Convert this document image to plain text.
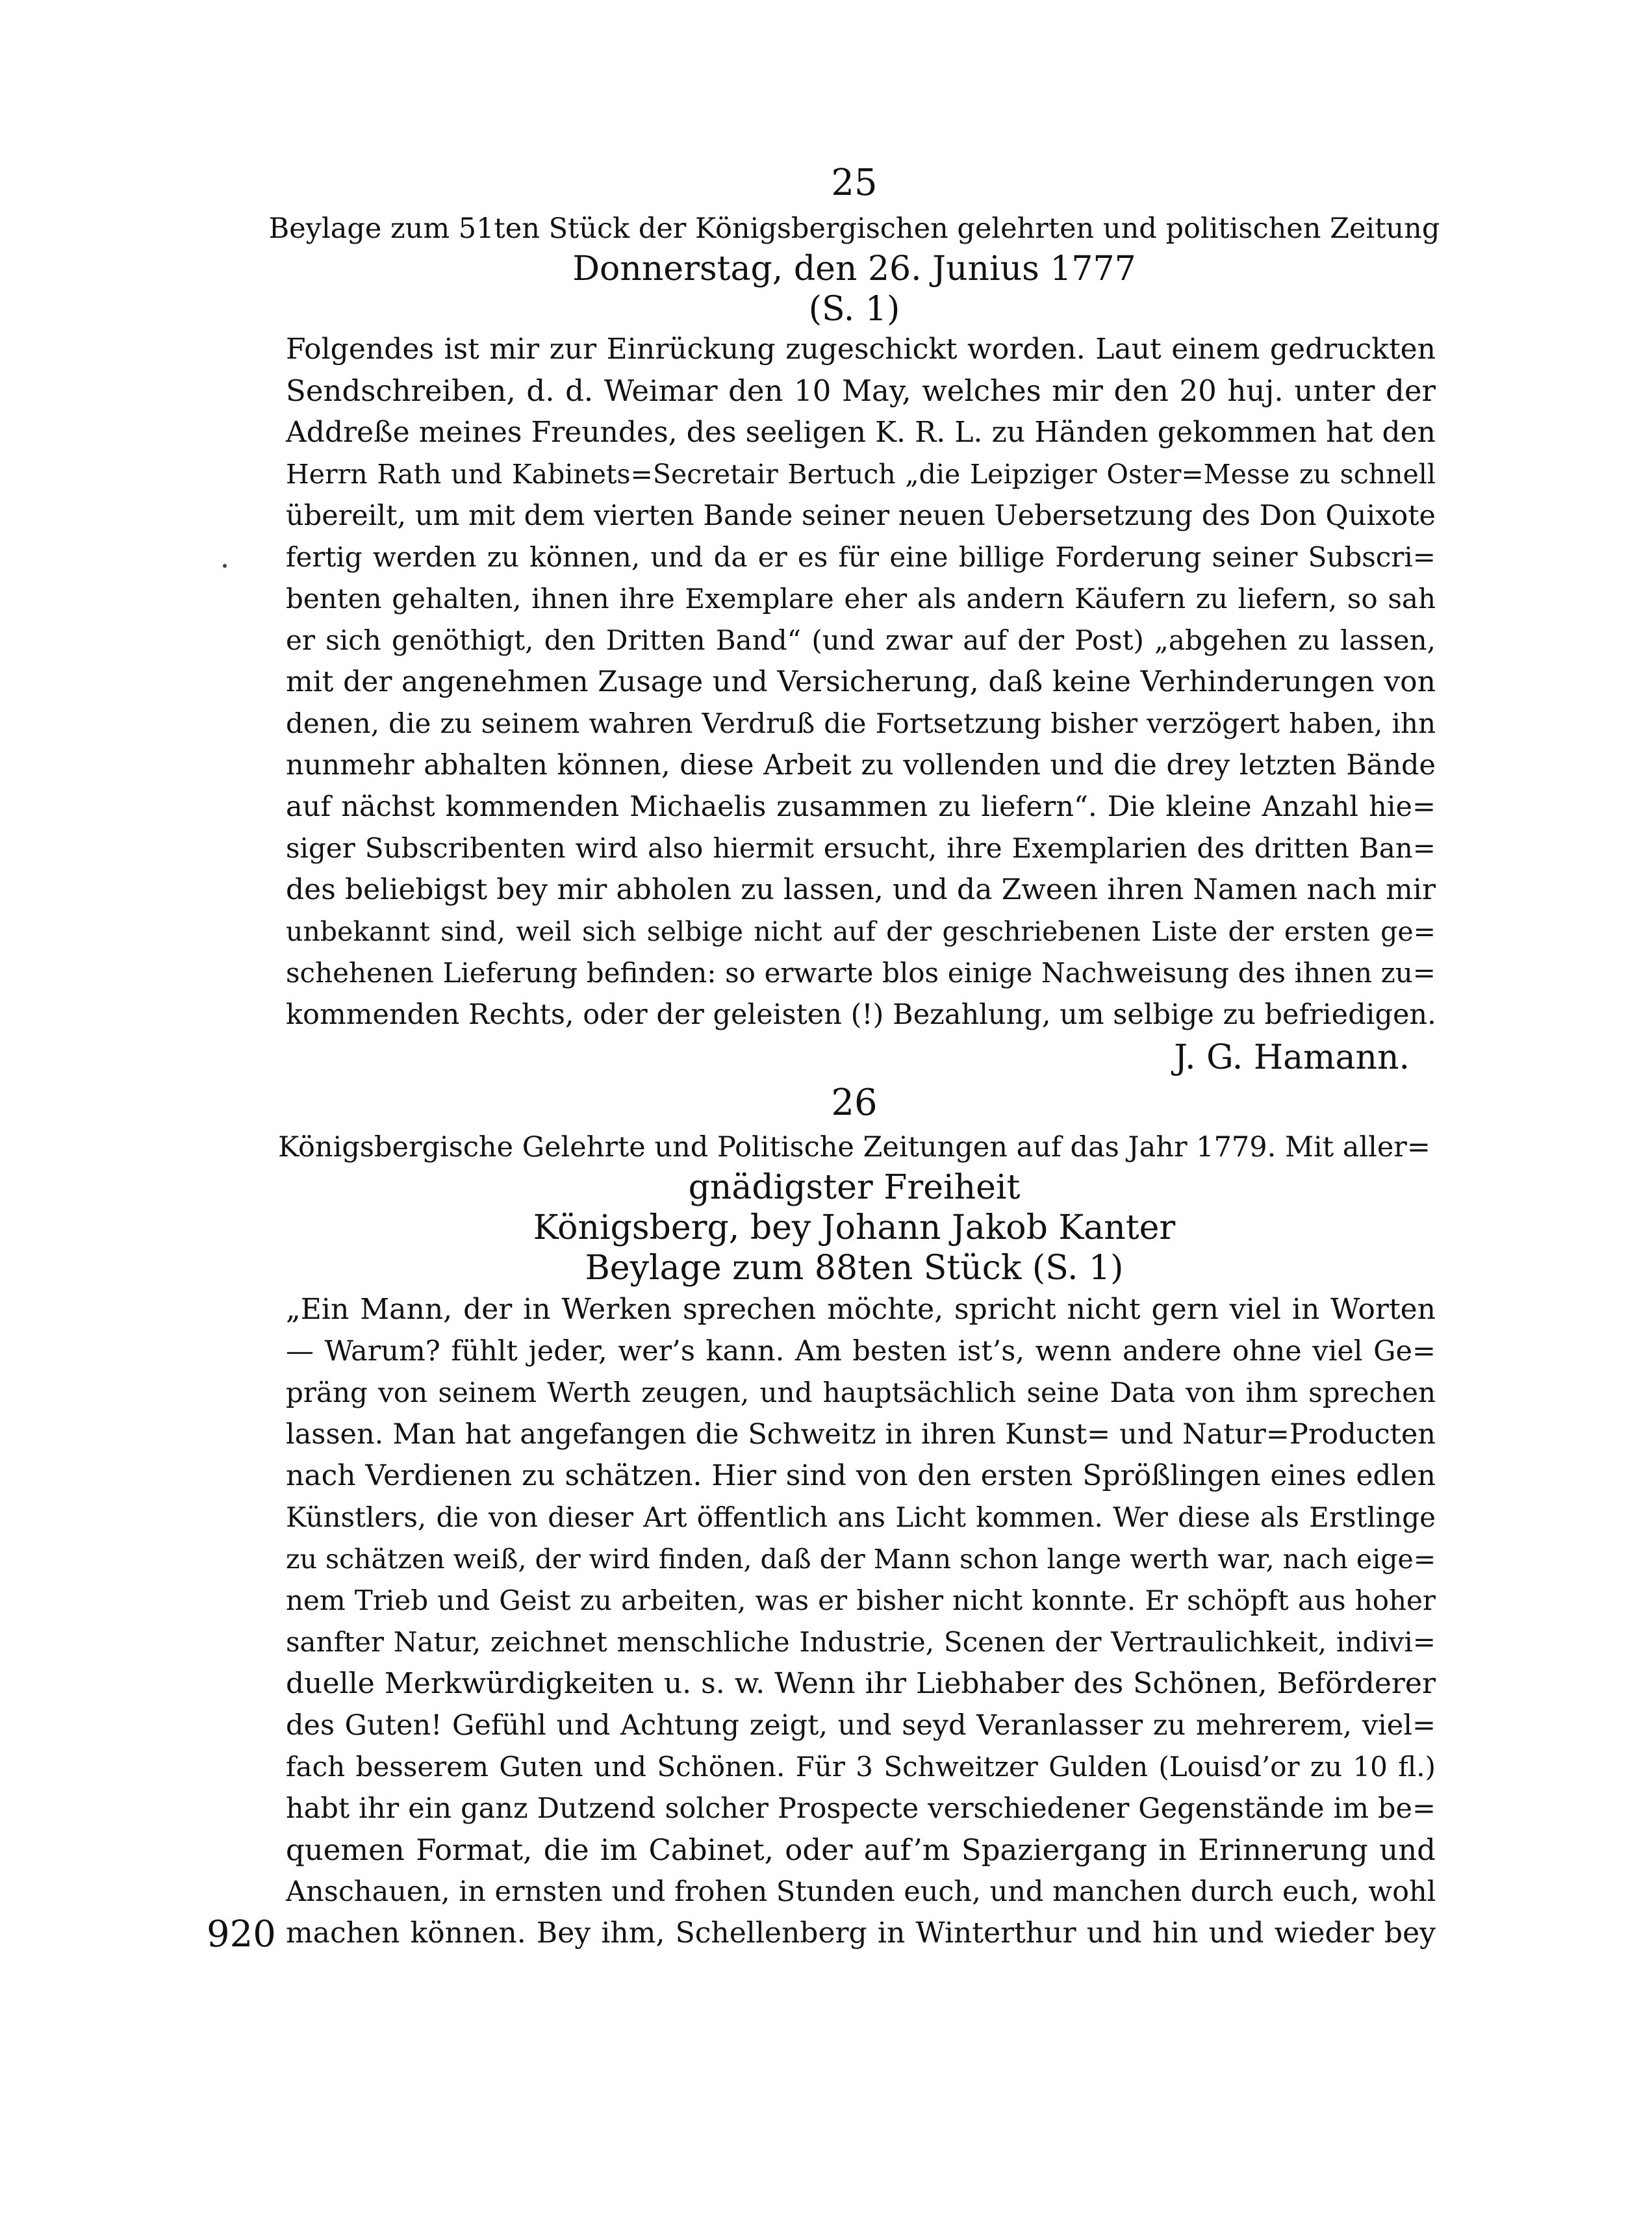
25
Beylage zum 51ten Stück der Königsbergischen gelehrten und politischen Zeitung
Donnerstag, den 26. Junius 1777
(S. 1)
Folgendes ist mir zur Einrückung zugeschickt worden. Laut einem gedruckten
Sendschreiben, d. d. Weimar den 10 May, welches mir den 20 huj. unter der
Addreße meines Freundes, des seeligen K. R. L. zu Händen gekommen hat den
Herrn Rath und Kabinets=Secretair Bertuch „die Leipziger Oster=Messe zu schnell
übereilt, um mit dem vierten Bande seiner neuen Uebersetzung des Don Quixote
fertig werden zu können, und da er es für eine billige Forderung seiner Subscri=
benten gehalten, ihnen ihre Exemplare eher als andern Käufern zu liefern, so sah
er sich genöthigt, den Dritten Band“ (und zwar auf der Post) „abgehen zu lassen,
mit der angenehmen Zusage und Versicherung, daß keine Verhinderungen von
denen, die zu seinem wahren Verdruß die Fortsetzung bisher verzögert haben, ihn
nunmehr abhalten können, diese Arbeit zu vollenden und die drey letzten Bände
auf nächst kommenden Michaelis zusammen zu liefern“. Die kleine Anzahl hie=
siger Subscribenten wird also hiermit ersucht, ihre Exemplarien des dritten Ban=
des beliebigst bey mir abholen zu lassen, und da Zween ihren Namen nach mir
unbekannt sind, weil sich selbige nicht auf der geschriebenen Liste der ersten ge=
schehenen Lieferung befinden: so erwarte blos einige Nachweisung des ihnen zu=
kommenden Rechts, oder der geleisten (!) Bezahlung, um selbige zu befriedigen.
J. G. Hamann.
26
Königsbergische Gelehrte und Politische Zeitungen auf das Jahr 1779. Mit aller=
gnädigster Freiheit
Königsberg, bey Johann Jakob Kanter
Beylage zum 88ten Stück (S. 1)
„Ein Mann, der in Werken sprechen möchte, spricht nicht gern viel in Worten
— Warum? fühlt jeder, wer’s kann. Am besten ist’s, wenn andere ohne viel Ge=
präng von seinem Werth zeugen, und hauptsächlich seine Data von ihm sprechen
lassen. Man hat angefangen die Schweitz in ihren Kunst= und Natur=Producten
nach Verdienen zu schätzen. Hier sind von den ersten Sprößlingen eines edlen
Künstlers, die von dieser Art öffentlich ans Licht kommen. Wer diese als Erstlinge
zu schätzen weiß, der wird finden, daß der Mann schon lange werth war, nach eige=
nem Trieb und Geist zu arbeiten, was er bisher nicht konnte. Er schöpft aus hoher
sanfter Natur, zeichnet menschliche Industrie, Scenen der Vertraulichkeit, indivi=
duelle Merkwürdigkeiten u. s. w. Wenn ihr Liebhaber des Schönen, Beförderer
des Guten! Gefühl und Achtung zeigt, und seyd Veranlasser zu mehrerem, viel=
fach besserem Guten und Schönen. Für 3 Schweitzer Gulden (Louisd’or zu 10 fl.)
habt ihr ein ganz Dutzend solcher Prospecte verschiedener Gegenstände im be=
quemen Format, die im Cabinet, oder auf’m Spaziergang in Erinnerung und
Anschauen, in ernsten und frohen Stunden euch, und manchen durch euch, wohl
machen können. Bey ihm, Schellenberg in Winterthur und hin und wieder bey
920
